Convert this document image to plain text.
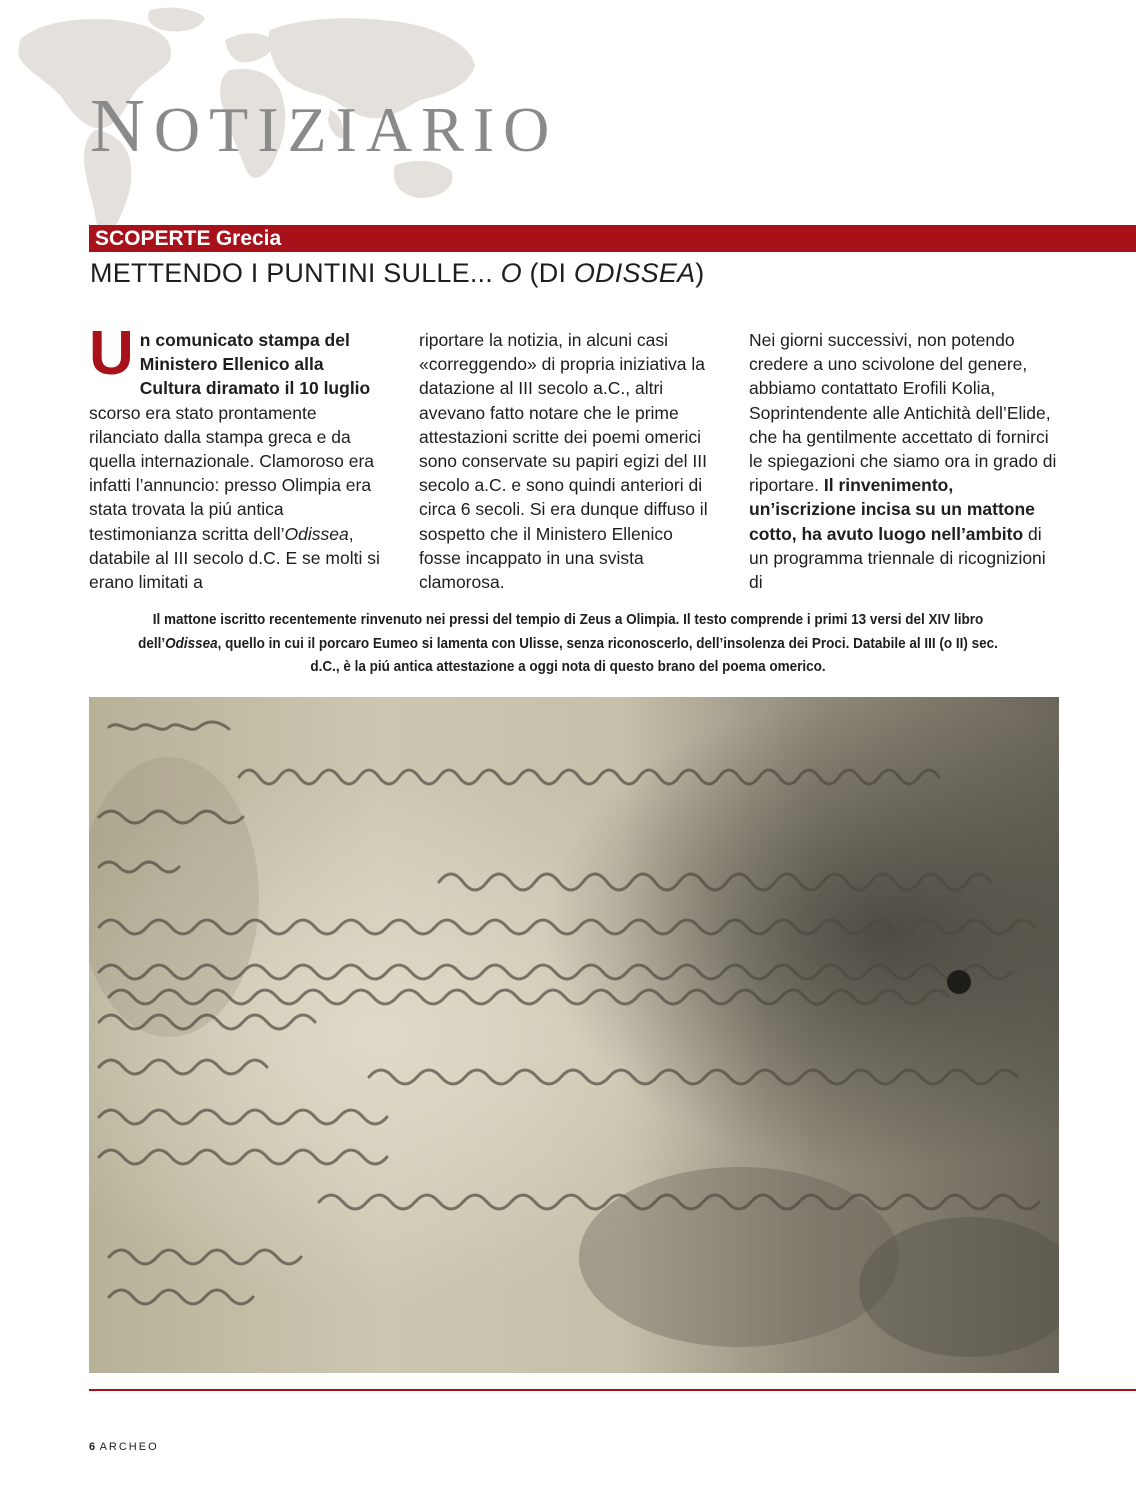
NOTIZIARIO
SCOPERTE Grecia
METTENDO I PUNTINI SULLE... O (DI ODISSEA)

Un comunicato stampa del Ministero Ellenico alla Cultura diramato il 10 luglio scorso era stato prontamente rilanciato dalla stampa greca e da quella internazionale. Clamoroso era infatti l’annuncio: presso Olimpia era stata trovata la piú antica testimonianza scritta dell’Odissea, databile al III secolo d.C. E se molti si erano limitati a

riportare la notizia, in alcuni casi «correggendo» di propria iniziativa la datazione al III secolo a.C., altri avevano fatto notare che le prime attestazioni scritte dei poemi omerici sono conservate su papiri egizi del III secolo a.C. e sono quindi anteriori di circa 6 secoli. Si era dunque diffuso il sospetto che il Ministero Ellenico fosse incappato in una svista clamorosa.

Nei giorni successivi, non potendo credere a uno scivolone del genere, abbiamo contattato Erofili Kolia, Soprintendente alle Antichità dell’Elide, che ha gentilmente accettato di fornirci le spiegazioni che siamo ora in grado di riportare. Il rinvenimento, un’iscrizione incisa su un mattone cotto, ha avuto luogo nell’ambito di un programma triennale di ricognizioni di

Il mattone iscritto recentemente rinvenuto nei pressi del tempio di Zeus a Olimpia. Il testo comprende i primi 13 versi del XIV libro dell’Odissea, quello in cui il porcaro Eumeo si lamenta con Ulisse, senza riconoscerlo, dell’insolenza dei Proci. Databile al III (o II) sec. d.C., è la piú antica attestazione a oggi nota di questo brano del poema omerico.

6 ARCHEO
